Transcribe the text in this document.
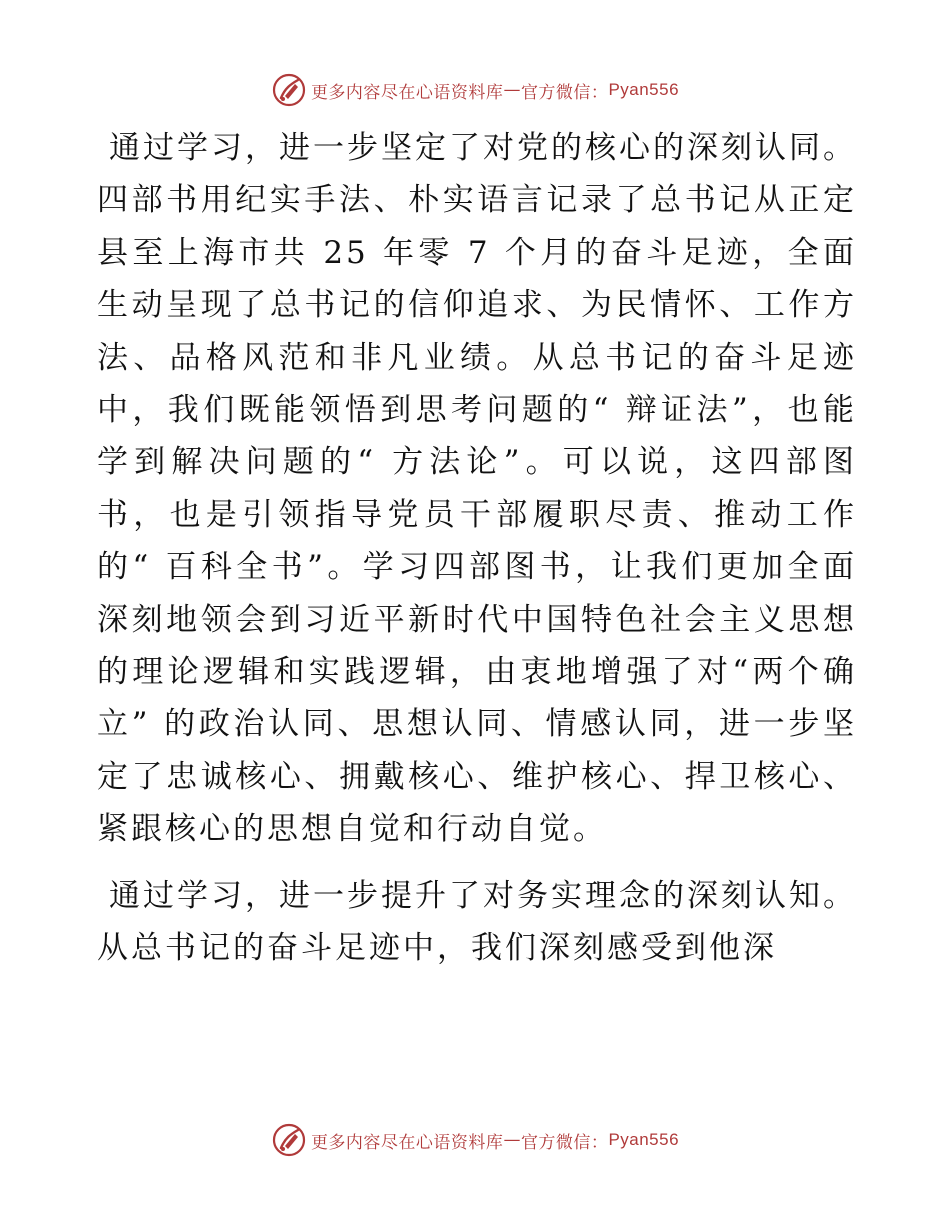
更多内容尽在心语资料库 — 官方微信： Pyan556

通过学习，进一步坚定了对党的核心的深刻认同。四部书用纪实手法、朴实语言记录了总书记从正定县至上海市共 25 年零 7 个月的奋斗足迹，全面生动呈现了总书记的信仰追求、为民情怀、工作方法、品格风范和非凡业绩。从总书记的奋斗足迹中，我们既能领悟到思考问题的“ 辩证法”，也能学到解决问题的“ 方法论”。可以说，这四部图书，也是引领指导党员干部履职尽责、推动工作的“ 百科全书”。学习四部图书，让我们更加全面深刻地领会到习近平新时代中国特色社会主义思想的理论逻辑和实践逻辑，由衷地增强了对“两个确立” 的政治认同、思想认同、情感认同，进一步坚定了忠诚核心、拥戴核心、维护核心、捍卫核心、紧跟核心的思想自觉和行动自觉。

通过学习，进一步提升了对务实理念的深刻认知。从总书记的奋斗足迹中，我们深刻感受到他深

更多内容尽在心语资料库 — 官方微信： Pyan556
